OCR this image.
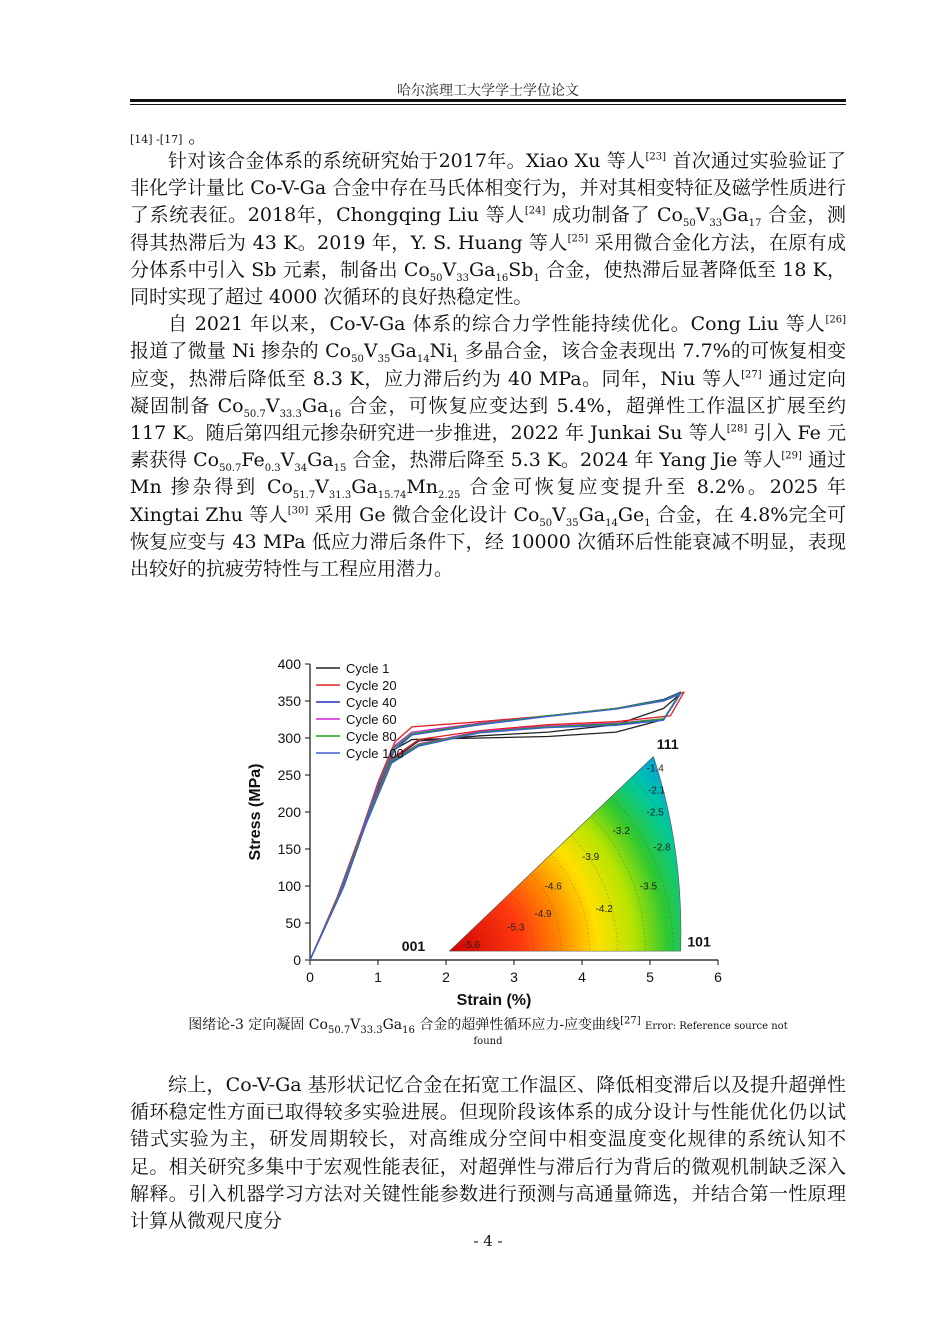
哈尔滨理工大学学士学位论文

[14] -[17] 。

针对该合金体系的系统研究始于2017年。Xiao Xu 等人[23] 首次通过实验验证了非化学计量比 Co-V-Ga 合金中存在马氏体相变行为，并对其相变特征及磁学性质进行了系统表征。2018年，Chongqing Liu 等人[24] 成功制备了 $Co_{50}V_{33}Ga_{17}$ 合金，测得其热滞后为 43 K。2019 年，Y. S. Huang 等人[25] 采用微合金化方法，在原有成分体系中引入 Sb 元素，制备出 $Co_{50}V_{33}Ga_{16}Sb_1$ 合金，使热滞后显著降低至 18 K，同时实现了超过 4000 次循环的良好热稳定性。

自 2021 年以来，Co-V-Ga 体系的综合力学性能持续优化。Cong Liu 等人[26] 报道了微量 Ni 掺杂的 $Co_{50}V_{35}Ga_{14}Ni_1$ 多晶合金，该合金表现出 7.7%的可恢复相变应变，热滞后降低至 8.3 K，应力滞后约为 40 MPa。同年，Niu 等人[27] 通过定向凝固制备 $Co_{50.7}V_{33.3}Ga_{16}$ 合金，可恢复应变达到 5.4%，超弹性工作温区扩展至约 117 K。随后第四组元掺杂研究进一步推进，2022 年 Junkai Su 等人[28] 引入 Fe 元素获得 $Co_{50.7}Fe_{0.3}V_{34}Ga_{15}$ 合金，热滞后降至 5.3 K。2024 年 Yang Jie 等人[29] 通过 Mn 掺杂得到 $Co_{51.7}V_{31.3}Ga_{15.74}Mn_{2.25}$ 合金可恢复应变提升至 8.2%。2025 年 Xingtai Zhu 等人[30] 采用 Ge 微合金化设计 $Co_{50}V_{35}Ga_{14}Ge_1$ 合金，在 4.8%完全可恢复应变与 43 MPa 低应力滞后条件下，经 10000 次循环后性能衰减不明显，表现出较好的抗疲劳特性与工程应用潜力。

0	1	2	3	4	5	6
0
50
100
150
200
250
300
350
400
Strain (%)
Stress (MPa)	-1.4
-2.1
-2.5
-2.8
-3.2
-3.5
-3.9
-4.2
-4.6
-4.9
-5.3
-5.6
001	101
111
Cycle 1
Cycle 20
Cycle 40
Cycle 60
Cycle 80
Cycle 100
图绪论-3 定向凝固 $Co_{50.7}V_{33.3}Ga_{16}$ 合金的超弹性循环应力-应变曲线[27] Error: Reference source not
found

综上，Co-V-Ga 基形状记忆合金在拓宽工作温区、降低相变滞后以及提升超弹性循环稳定性方面已取得较多实验进展。但现阶段该体系的成分设计与性能优化仍以试错式实验为主，研发周期较长，对高维成分空间中相变温度变化规律的系统认知不足。相关研究多集中于宏观性能表征，对超弹性与滞后行为背后的微观机制缺乏深入解释。引入机器学习方法对关键性能参数进行预测与高通量筛选，并结合第一性原理计算从微观尺度分

- 4 -
